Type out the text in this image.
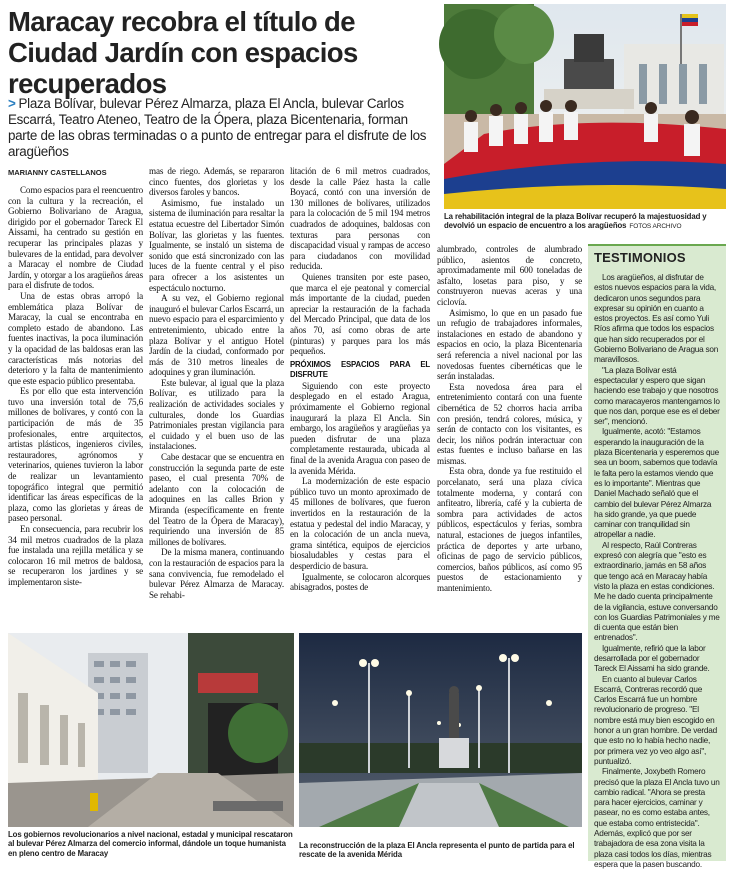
Maracay recobra el título de Ciudad Jardín con espacios recuperados
> Plaza Bolívar, bulevar Pérez Almarza, plaza El Ancla, bulevar Carlos Escarrá, Teatro Ateneo, Teatro de la Ópera, plaza Bicentenaria, forman parte de las obras terminadas o a punto de entregar para el disfrute de los aragüeños
MARIANNY CASTELLANOS
La rehabilitación integral de la plaza Bolívar recuperó la majestuosidad y devolvió un espacio de encuentro a los aragüeños FOTOS ARCHIVO

Como espacios para el reencuentro con la cultura y la recreación, el Gobierno Bolivariano de Aragua, dirigido por el gobernador Tareck El Aissami, ha centrado su gestión en recuperar las principales plazas y bulevares de la entidad, para devolver a Maracay el nombre de Ciudad Jardín, y otorgar a los aragüeños áreas para el disfrute de todos.

Una de estas obras arropó la emblemática plaza Bolívar de Maracay, la cual se encontraba en completo estado de abandono. Las fuentes inactivas, la poca iluminación y la opacidad de las baldosas eran las características más notorias del deterioro y la falta de mantenimiento que este espacio público presentaba.

Es por ello que esta intervención tuvo una inversión total de 75,6 millones de bolívares, y contó con la participación de más de 35 profesionales, entre arquitectos, artistas plásticos, ingenieros civiles, restauradores, agrónomos y veterinarios, quienes tuvieron la labor de realizar un levantamiento topográfico integral que permitió identificar las áreas específicas de la plaza, como las glorietas y áreas de paseo personal.

En consecuencia, para recubrir los 34 mil metros cuadrados de la plaza fue instalada una rejilla metálica y se colocaron 16 mil metros de baldosa, se recuperaron los jardines y se implementaron siste-

mas de riego. Además, se repararon cinco fuentes, dos glorietas y los diversos faroles y bancos.

Asimismo, fue instalado un sistema de iluminación para resaltar la estatua ecuestre del Libertador Simón Bolívar, las glorietas y las fuentes. Igualmente, se instaló un sistema de sonido que está sincronizado con las luces de la fuente central y el piso para ofrecer a los asistentes un espectáculo nocturno.

A su vez, el Gobierno regional inauguró el bulevar Carlos Escarrá, un nuevo espacio para el esparcimiento y entretenimiento, ubicado entre la plaza Bolívar y el antiguo Hotel Jardín de la ciudad, conformado por más de 310 metros lineales de adoquines y gran iluminación.

Este bulevar, al igual que la plaza Bolívar, es utilizado para la realización de actividades sociales y culturales, donde los Guardias Patrimoniales prestan vigilancia para el cuidado y el buen uso de las instalaciones.

Cabe destacar que se encuentra en construcción la segunda parte de este paseo, el cual presenta 70% de adelanto con la colocación de adoquines en las calles Brion y Miranda (específicamente en frente del Teatro de la Ópera de Maracay), requiriendo una inversión de 85 millones de bolívares.

De la misma manera, continuando con la restauración de espacios para la sana convivencia, fue remodelado el bulevar Pérez Almarza de Maracay. Se rehabi-

litación de 6 mil metros cuadrados, desde la calle Páez hasta la calle Boyacá, contó con una inversión de 130 millones de bolívares, utilizados para la colocación de 5 mil 194 metros cuadrados de adoquines, baldosas con texturas para personas con discapacidad visual y rampas de acceso para ciudadanos con movilidad reducida.

Quienes transiten por este paseo, que marca el eje peatonal y comercial más importante de la ciudad, pueden apreciar la restauración de la fachada del Mercado Principal, que data de los años 70, así como obras de arte (pinturas) y parques para los más pequeños.

PRÓXIMOS ESPACIOS PARA EL DISFRUTE

Siguiendo con este proyecto desplegado en el estado Aragua, próximamente el Gobierno regional inaugurará la plaza El Ancla. Sin embargo, los aragüeños y aragüeñas ya pueden disfrutar de una plaza completamente restaurada, ubicada al final de la avenida Aragua con paseo de la avenida Mérida.

La modernización de este espacio público tuvo un monto aproximado de 45 millones de bolívares, que fueron invertidos en la restauración de la estatua y pedestal del indio Maracay, y en la colocación de un ancla nueva, grama sintética, equipos de ejercicios biosaludables y cestas para el desperdicio de basura.

Igualmente, se colocaron alcorques abisagrados, postes de

alumbrado, controles de alumbrado público, asientos de concreto, aproximadamente mil 600 toneladas de asfalto, losetas para piso, y se construyeron nuevas aceras y una ciclovía.

Asimismo, lo que en un pasado fue un refugio de trabajadores informales, instalaciones en estado de abandono y espacios en ocio, la plaza Bicentenaria será referencia a nivel nacional por las novedosas fuentes cibernéticas que le serán instaladas.

Esta novedosa área para el entretenimiento contará con una fuente cibernética de 52 chorros hacia arriba con presión, tendrá colores, música, y serán de contacto con los visitantes, es decir, los niños podrán interactuar con estas fuentes e incluso bañarse en las mismas.

Esta obra, donde ya fue restituido el porcelanato, será una plaza cívica totalmente moderna, y contará con anfiteatro, librería, café y la cubierta de sombra para actividades de actos públicos, espectáculos y ferias, sombra natural, estaciones de juegos infantiles, práctica de deportes y arte urbano, oficinas de pago de servicio públicos, comercios, baños públicos, así como 95 puestos de estacionamiento y mantenimiento.

TESTIMONIOS

Los aragüeños, al disfrutar de estos nuevos espacios para la vida, dedicaron unos segundos para expresar su opinión en cuanto a estos proyectos. Es así como Yuli Ríos afirma que todos los espacios que han sido recuperados por el Gobierno Bolivariano de Aragua son maravillosos.

"La plaza Bolívar está espectacular y espero que sigan haciendo ese trabajo y que nosotros como maracayeros mantengamos lo que nos dan, porque ese es el deber ser", mencionó.

Igualmente, acotó: "Estamos esperando la inauguración de la plaza Bicentenaria y esperemos que sea un boom, sabemos que todavía le falta pero la estamos viendo que es lo importante". Mientras que Daniel Machado señaló que el cambio del bulevar Pérez Almarza ha sido grande, ya que puede caminar con tranquilidad sin atropellar a nadie.

Al respecto, Raúl Contreras expresó con alegría que "esto es extraordinario, jamás en 58 años que tengo acá en Maracay había visto la plaza en estas condiciones. Me he dado cuenta principalmente de la vigilancia, estuve conversando con los Guardias Patrimoniales y me di cuenta que están bien entrenados".

Igualmente, refirió que la labor desarrollada por el gobernador Tareck El Aissami ha sido grande.

En cuanto al bulevar Carlos Escarrá, Contreras recordó que Carlos Escarrá fue un hombre revolucionario de progreso. "El nombre está muy bien escogido en honor a un gran hombre. De verdad que esto no lo había hecho nadie, por primera vez yo veo algo así", puntualizó.

Finalmente, Joxybeth Romero precisó que la plaza El Ancla tuvo un cambio radical. "Ahora se presta para hacer ejercicios, caminar y pasear, no es como estaba antes, que estaba como entristecida". Además, explicó que por ser trabajadora de esa zona visita la plaza casi todos los días, mientras espera que la pasen buscando.

Los gobiernos revolucionarios a nivel nacional, estadal y municipal rescataron al bulevar Pérez Almarza del comercio informal, dándole un toque humanista en pleno centro de Maracay
La reconstrucción de la plaza El Ancla representa el punto de partida para el rescate de la avenida Mérida
